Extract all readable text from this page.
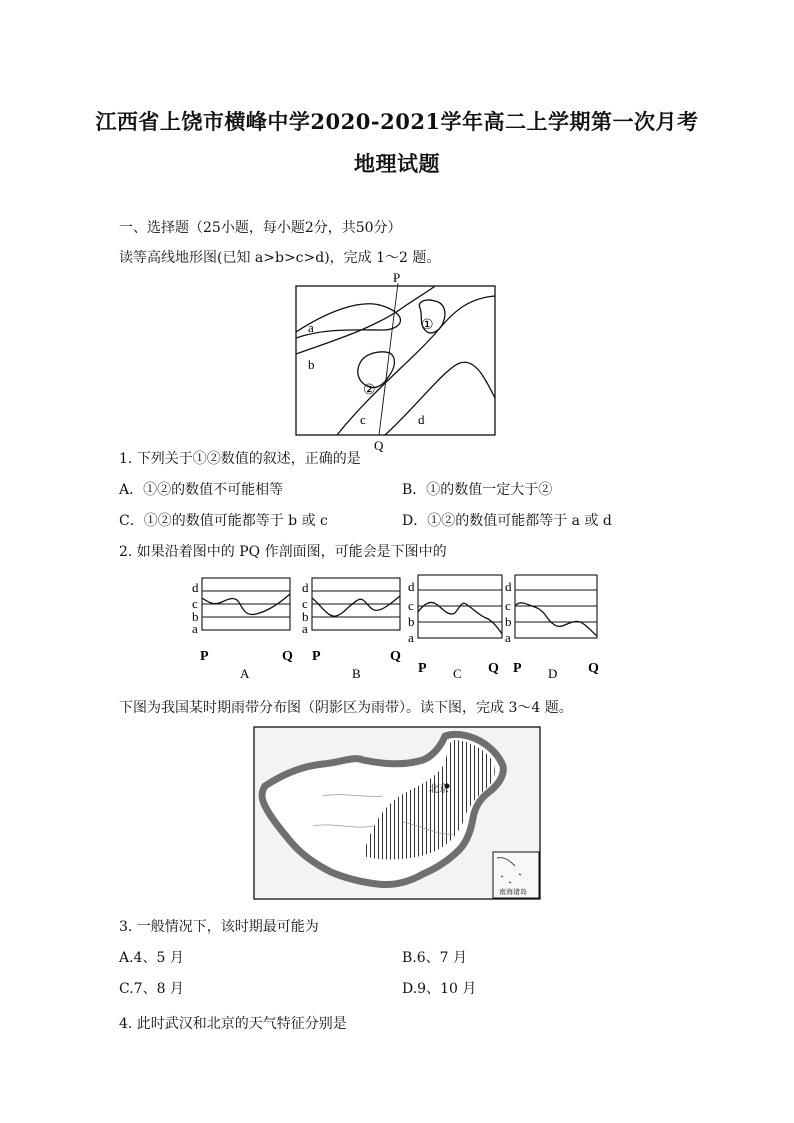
江西省上饶市横峰中学2020-2021学年高二上学期第一次月考
地理试题
一、选择题（25小题，每小题2分，共50分）
读等高线地形图(已知 a>b>c>d)，完成 1～2 题。
P
Q
a
b
c	d
①
②
1. 下列关于①②数值的叙述，正确的是
A．①②的数值不可能相等	B．①的数值一定大于②
C．①②的数值可能都等于 b 或 c	D．①②的数值可能都等于 a 或 d
2. 如果沿着图中的 PQ 作剖面图，可能会是下图中的
d
c
b
a
P	Q
A
d
c
b
a
P	Q
B
d
c
b
a
P	Q
C
d
c
b
a
P	Q
D
下图为我国某时期雨带分布图（阴影区为雨带）。读下图，完成 3～4 题。
北京
南海诸岛
3. 一般情况下，该时期最可能为
A.4、5 月	B.6、7 月
C.7、8 月	D.9、10 月
4. 此时武汉和北京的天气特征分别是
